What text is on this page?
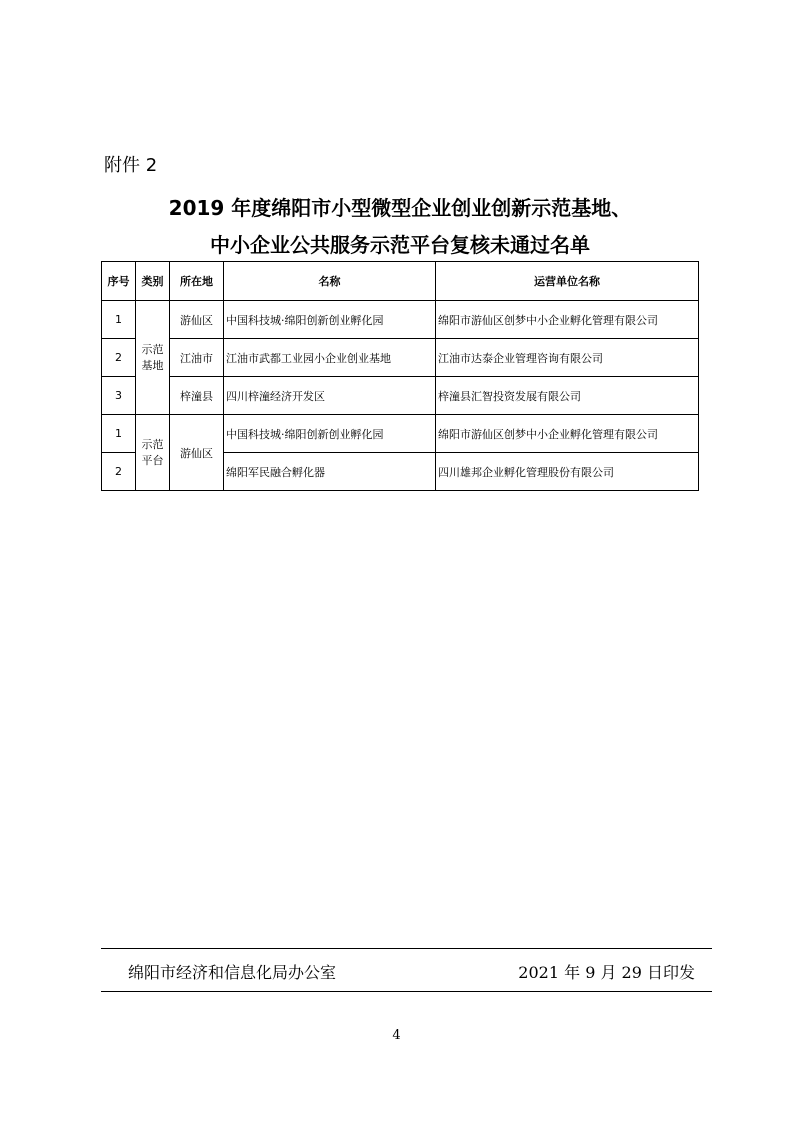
附件 2
2019 年度绵阳市小型微型企业创业创新示范基地、
中小企业公共服务示范平台复核未通过名单
序号	类别	所在地	名称	运营单位名称
1	示范基地	游仙区	中国科技城·绵阳创新创业孵化园	绵阳市游仙区创梦中小企业孵化管理有限公司
2		江油市	江油市武都工业园小企业创业基地	江油市达泰企业管理咨询有限公司
3		梓潼县	四川梓潼经济开发区	梓潼县汇智投资发展有限公司
1	示范平台	游仙区	中国科技城·绵阳创新创业孵化园	绵阳市游仙区创梦中小企业孵化管理有限公司
2			绵阳军民融合孵化器	四川雄邦企业孵化管理股份有限公司
绵阳市经济和信息化局办公室	2021 年 9 月 29 日印发
4
